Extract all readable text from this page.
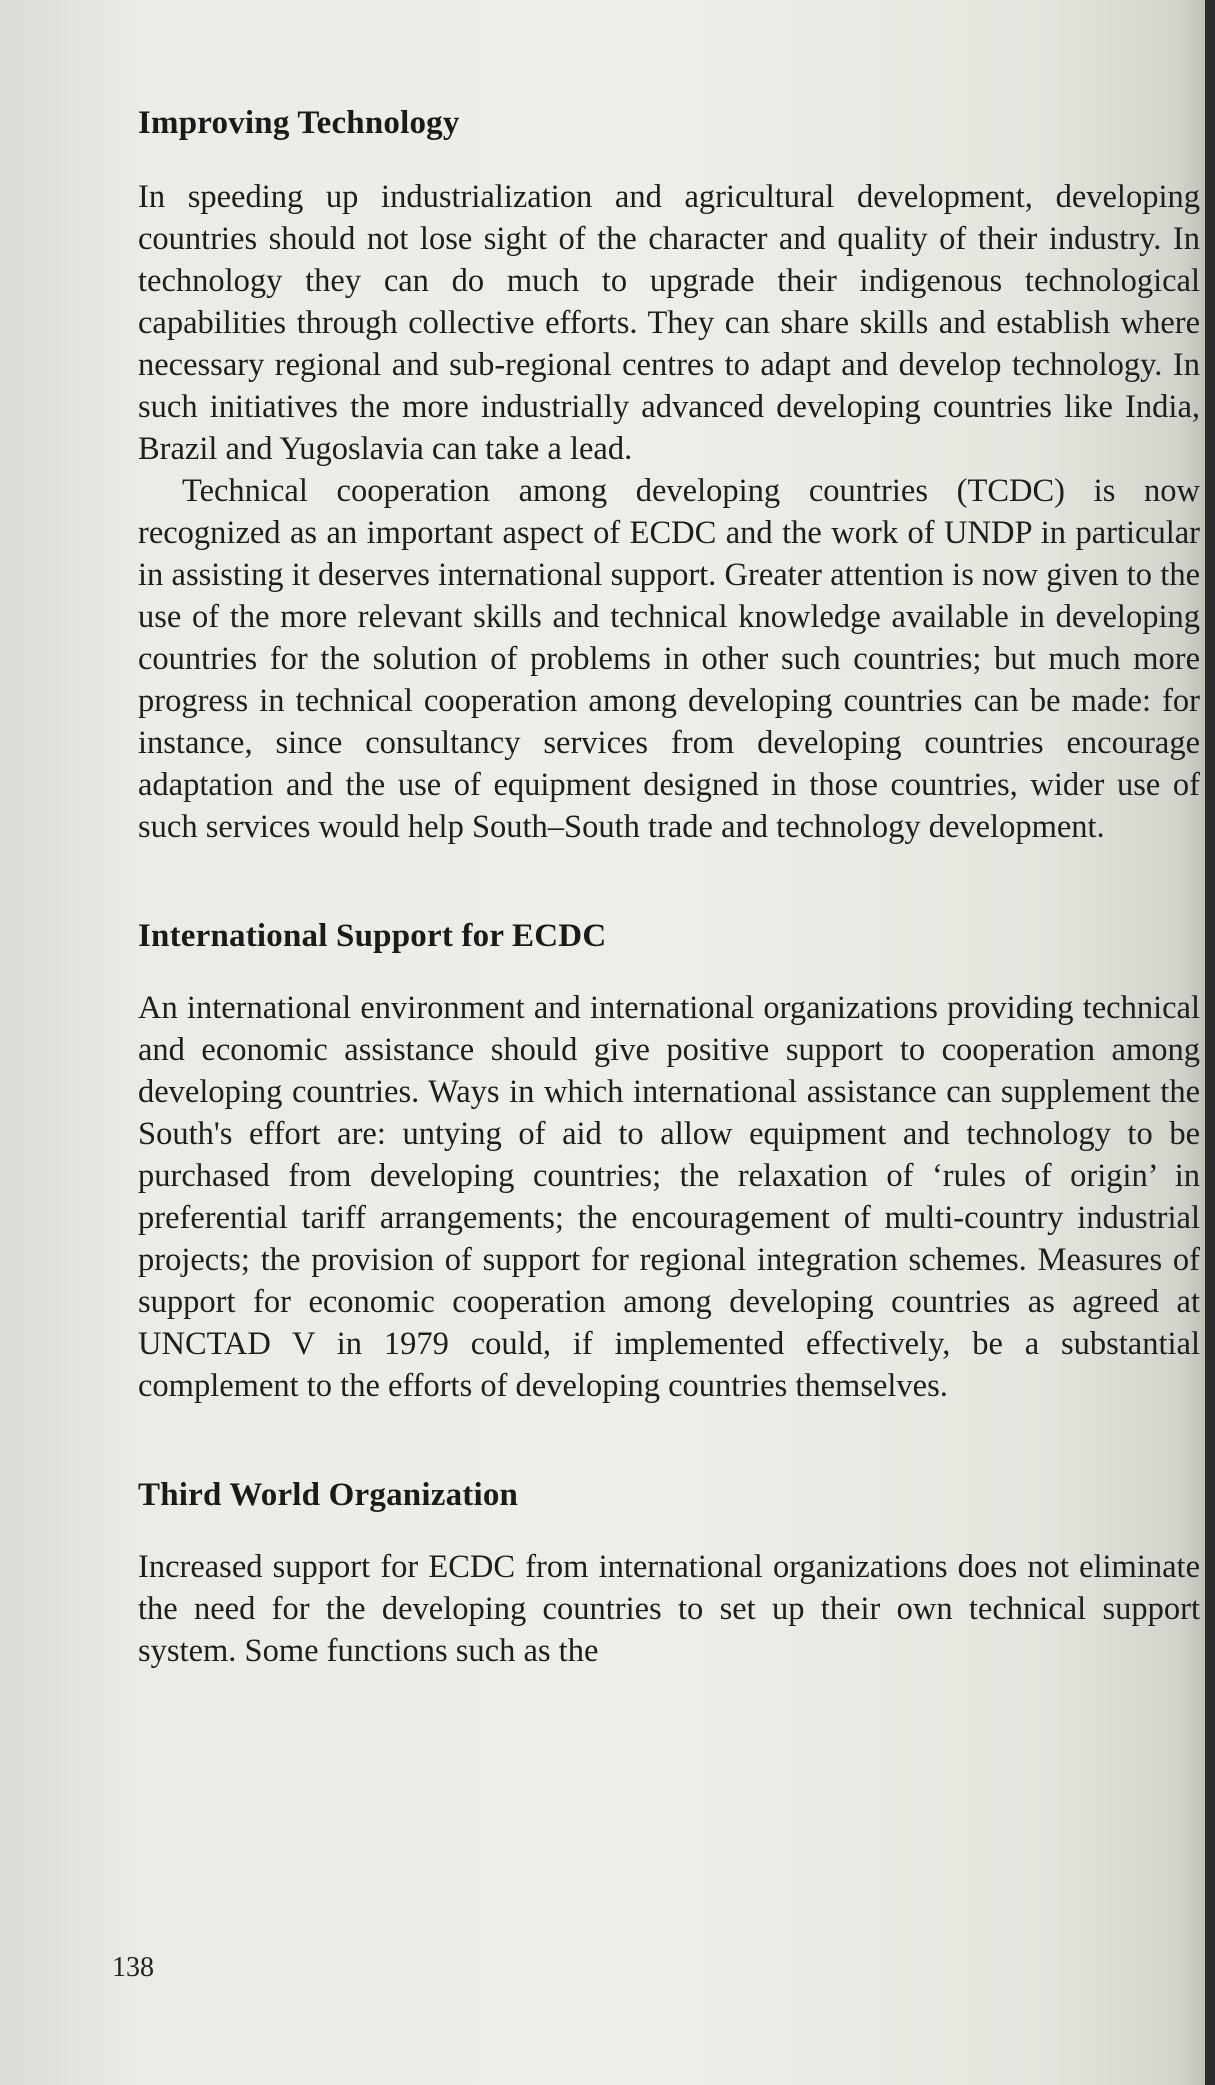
Improving Technology

In speeding up industrialization and agricultural development, developing countries should not lose sight of the character and quality of their industry. In technology they can do much to upgrade their indigenous technological capabilities through collective efforts. They can share skills and establish where necessary regional and sub-regional centres to adapt and develop technology. In such initiatives the more industrially advanced developing countries like India, Brazil and Yugoslavia can take a lead.

Technical cooperation among developing countries (TCDC) is now recognized as an important aspect of ECDC and the work of UNDP in particular in assisting it deserves international support. Greater attention is now given to the use of the more relevant skills and technical knowledge available in developing countries for the solution of problems in other such countries; but much more progress in technical cooperation among developing countries can be made: for instance, since consultancy services from developing countries encourage adaptation and the use of equipment designed in those countries, wider use of such services would help South–South trade and technology development.

International Support for ECDC

An international environment and international organizations providing technical and economic assistance should give positive support to cooperation among developing countries. Ways in which international assistance can supplement the South's effort are: untying of aid to allow equipment and technology to be purchased from developing countries; the relaxation of ‘rules of origin’ in preferential tariff arrangements; the encouragement of multi-country industrial projects; the provision of support for regional integration schemes. Measures of support for economic cooperation among developing countries as agreed at UNCTAD V in 1979 could, if implemented effectively, be a substantial complement to the efforts of developing countries themselves.

Third World Organization

Increased support for ECDC from international organizations does not eliminate the need for the developing countries to set up their own technical support system. Some functions such as the

138
